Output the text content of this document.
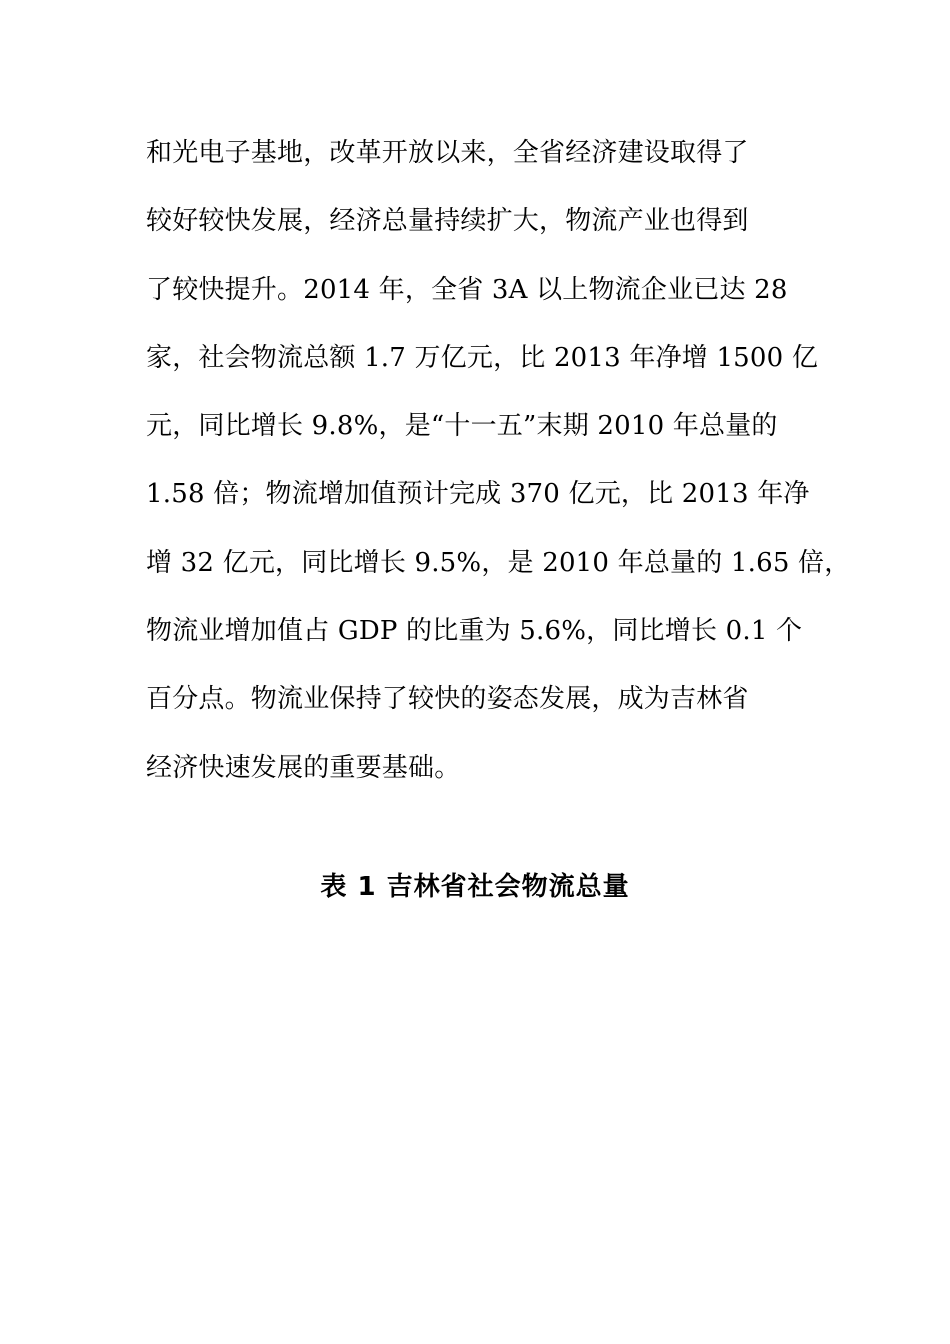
和光电子基地，改革开放以来，全省经济建设取得了
较好较快发展，经济总量持续扩大，物流产业也得到
了较快提升。2014 年，全省 3A 以上物流企业已达 28
家，社会物流总额 1.7 万亿元，比 2013 年净增 1500 亿
元，同比增长 9.8%，是“十一五”末期 2010 年总量的
1.58 倍；物流增加值预计完成 370 亿元，比 2013 年净
增 32 亿元，同比增长 9.5%，是 2010 年总量的 1.65 倍，
物流业增加值占 GDP 的比重为 5.6%，同比增长 0.1 个
百分点。物流业保持了较快的姿态发展，成为吉林省
经济快速发展的重要基础。
表 1 吉林省社会物流总量
